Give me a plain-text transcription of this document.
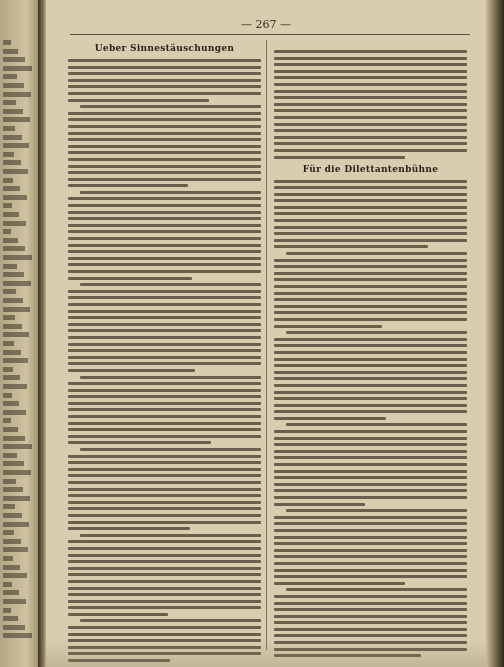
— 267 —
Ueber Sinnestäuschungen
Für die Dilettantenbühne
